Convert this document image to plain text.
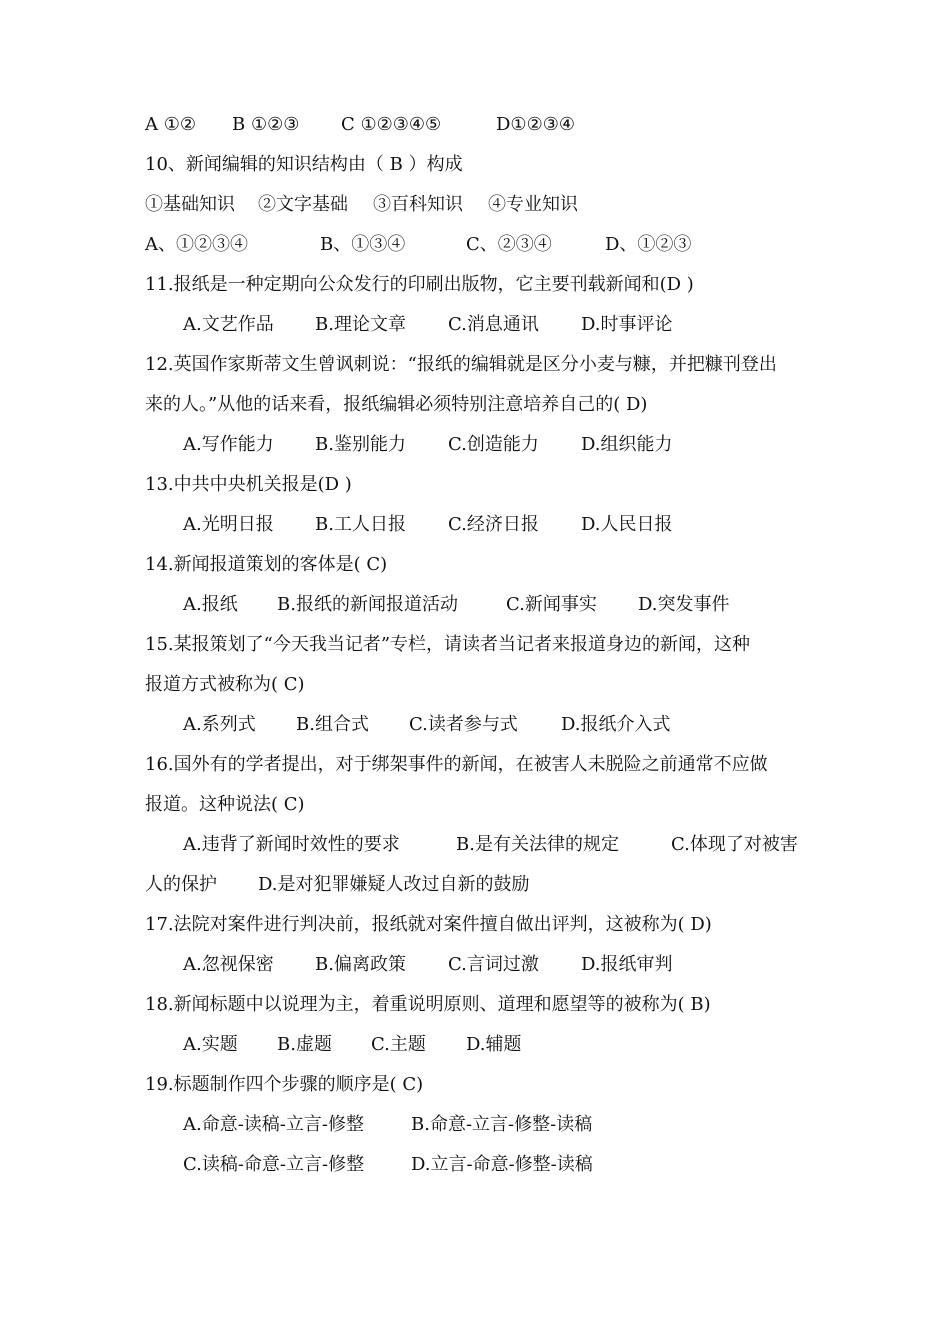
A ①② B ①②③ C ①②③④⑤	D①②③④
10、新闻编辑的知识结构由（ B ）构成
①基础知识 ②文字基础 ③百科知识 ④专业知识
A、①②③④	B、①③④	C、②③④	D、①②③
11.报纸是一种定期向公众发行的印刷出版物，它主要刊载新闻和(D )
A.文艺作品 B.理论文章 C.消息通讯 D.时事评论
12.英国作家斯蒂文生曾讽刺说：“报纸的编辑就是区分小麦与糠，并把糠刊登出
来的人。”从他的话来看，报纸编辑必须特别注意培养自己的( D)
A.写作能力 B.鉴别能力 C.创造能力 D.组织能力
13.中共中央机关报是(D )
A.光明日报 B.工人日报 C.经济日报 D.人民日报
14.新闻报道策划的客体是( C)
A.报纸 B.报纸的新闻报道活动	C.新闻事实 D.突发事件
15.某报策划了“今天我当记者”专栏，请读者当记者来报道身边的新闻，这种
报道方式被称为( C)
A.系列式 B.组合式 C.读者参与式 D.报纸介入式
16.国外有的学者提出，对于绑架事件的新闻，在被害人未脱险之前通常不应做
报道。这种说法( C)
A.违背了新闻时效性的要求	B.是有关法律的规定	C.体现了对被害
人的保护 D.是对犯罪嫌疑人改过自新的鼓励
17.法院对案件进行判决前，报纸就对案件擅自做出评判，这被称为( D)
A.忽视保密 B.偏离政策 C.言词过激 D.报纸审判
18.新闻标题中以说理为主，着重说明原则、道理和愿望等的被称为( B)
A.实题 B.虚题 C.主题 D.辅题
19.标题制作四个步骤的顺序是( C)
A.命意-读稿-立言-修整	B.命意-立言-修整-读稿
C.读稿-命意-立言-修整	D.立言-命意-修整-读稿
